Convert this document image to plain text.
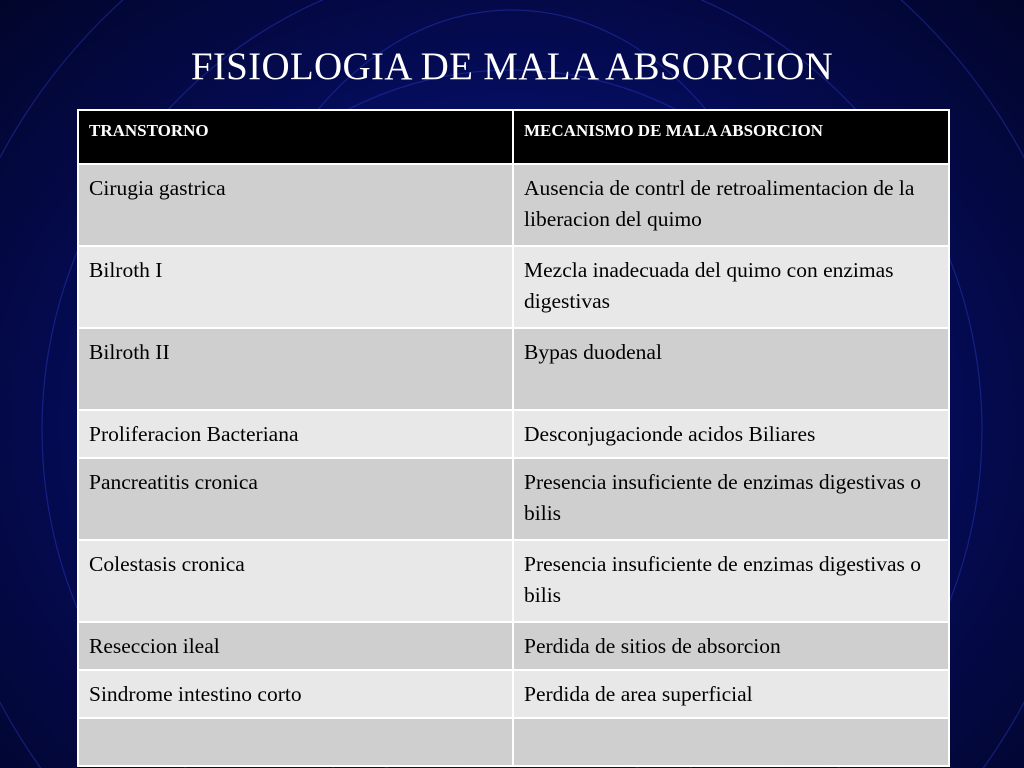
FISIOLOGIA DE MALA ABSORCION
TRANSTORNO	MECANISMO DE MALA ABSORCION
Cirugia gastrica	Ausencia de contrl de retroalimentacion de la liberacion del quimo
Bilroth I	Mezcla inadecuada del quimo con enzimas digestivas
Bilroth II	Bypas duodenal
Proliferacion Bacteriana	Desconjugacionde acidos Biliares
Pancreatitis cronica	Presencia insuficiente de enzimas digestivas o bilis
Colestasis cronica	Presencia insuficiente de enzimas digestivas o bilis
Reseccion ileal	Perdida de sitios de absorcion
Sindrome intestino corto	Perdida de area superficial
